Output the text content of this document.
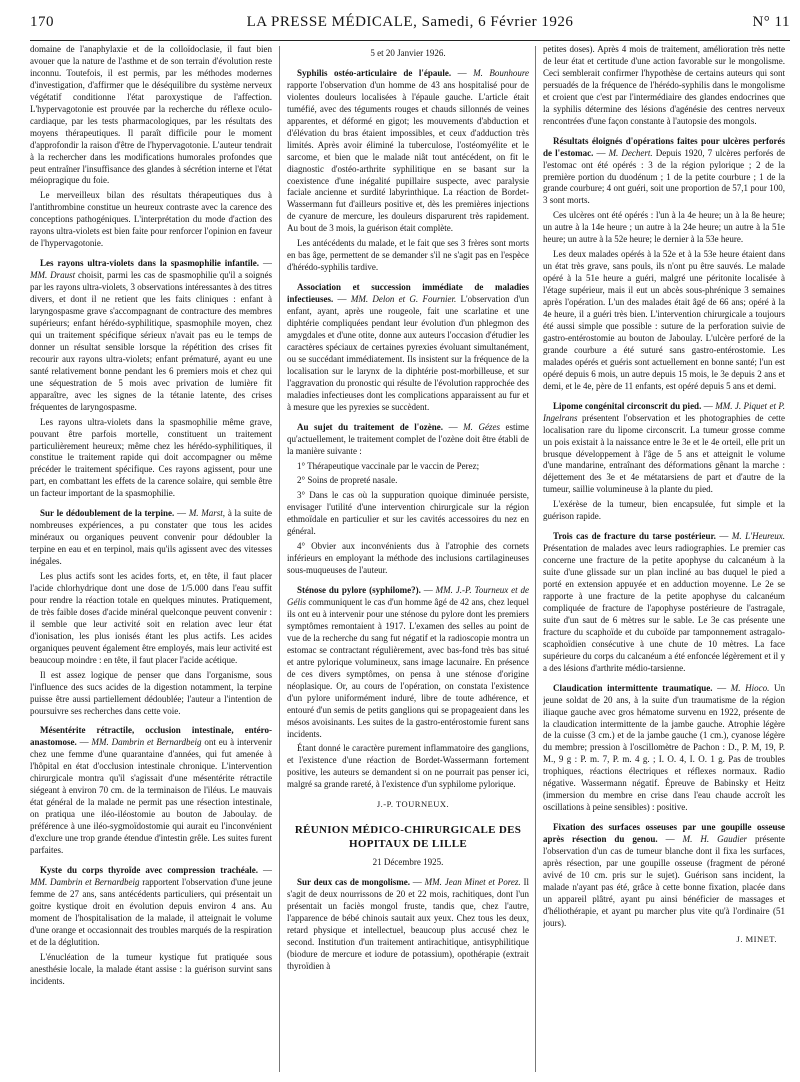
170	LA PRESSE MÉDICALE, Samedi, 6 Février 1926	N° 11

domaine de l'anaphylaxie et de la colloïdoclasie, il faut bien avouer que la nature de l'asthme et de son terrain d'évolution reste inconnu. Toutefois, il est permis, par les méthodes modernes d'investigation, d'affirmer que le déséquilibre du système nerveux végétatif conditionne l'état paroxystique de l'affection. L'hypervagotonie est prouvée par la recherche du réflexe oculo-cardiaque, par les tests pharmacologiques, par les résultats des moyens thérapeutiques. Il paraît difficile pour le moment d'approfondir la raison d'être de l'hypervagotonie. L'auteur tendrait à la rechercher dans les modifications humorales profondes que peut entraîner l'insuffisance des glandes à sécrétion interne et l'état méiopragique du foie.

Le merveilleux bilan des résultats thérapeutiques dus à l'antithrombine constitue un heureux contraste avec la carence des conceptions pathogéniques. L'interprétation du mode d'action des rayons ultra-violets est bien faite pour renforcer l'opinion en faveur de l'hypervagotonie.

Les rayons ultra-violets dans la spasmophilie infantile. — MM. Draust choisit, parmi les cas de spasmophilie qu'il a soignés par les rayons ultra-violets, 3 observations intéressantes à des titres divers, et dont il ne retient que les faits cliniques : enfant à laryngospasme grave s'accompagnant de contracture des membres supérieurs; enfant hérédo-syphilitique, spasmophile moyen, chez qui un traitement spécifique sérieux n'avait pas eu le temps de donner un résultat sensible lorsque la répétition des crises fit recourir aux rayons ultra-violets; enfant prématuré, ayant eu une santé relativement bonne pendant les 6 premiers mois et chez qui une séquestration de 5 mois avec privation de lumière fit apparaître, avec les signes de la tétanie latente, des crises fréquentes de laryngospasme.

Les rayons ultra-violets dans la spasmophilie même grave, pouvant être parfois mortelle, constituent un traitement particulièrement heureux; même chez les hérédo-syphilitiques, il constitue le traitement rapide qui doit accompagner ou même précéder le traitement spécifique. Ces rayons agissent, pour une part, en combattant les effets de la carence solaire, qui semble être un facteur important de la spasmophilie.

Sur le dédoublement de la terpine. — M. Marst, à la suite de nombreuses expériences, a pu constater que tous les acides minéraux ou organiques peuvent convenir pour dédoubler la terpine en eau et en terpinol, mais qu'ils agissent avec des vitesses inégales.

Les plus actifs sont les acides forts, et, en tête, il faut placer l'acide chlorhydrique dont une dose de 1/5.000 dans l'eau suffit pour rendre la réaction totale en quelques minutes. Pratiquement, de très faible doses d'acide minéral quelconque peuvent convenir : il semble que leur activité soit en relation avec leur état d'ionisation, les plus ionisés étant les plus actifs. Les acides organiques peuvent également être employés, mais leur activité est beaucoup moindre : en tête, il faut placer l'acide acétique.

Il est assez logique de penser que dans l'organisme, sous l'influence des sucs acides de la digestion notamment, la terpine puisse être aussi partiellement dédoublée; l'auteur a l'intention de poursuivre ses recherches dans cette voie.

Mésentérite rétractile, occlusion intestinale, entéro-anastomose. — MM. Dambrin et Bernardbeig ont eu à intervenir chez une femme d'une quarantaine d'années, qui fut amenée à l'hôpital en état d'occlusion intestinale chronique. L'intervention chirurgicale montra qu'il s'agissait d'une mésentérite rétractile siégeant à environ 70 cm. de la terminaison de l'iléus. Le mauvais état général de la malade ne permit pas une résection intestinale, on pratiqua une iléo-iléostomie au bouton de Jaboulay. de préférence à une iléo-sygmoïdostomie qui aurait eu l'inconvénient d'exclure une trop grande étendue d'intestin grêle. Les suites furent parfaites.

Kyste du corps thyroïde avec compression trachéale. — MM. Dambrin et Bernardbeig rapportent l'observation d'une jeune femme de 27 ans, sans antécédents particuliers, qui présentait un goitre kystique droit en évolution depuis environ 4 ans. Au moment de l'hospitalisation de la malade, il atteignait le volume d'une orange et occasionnait des troubles marqués de la respiration et de la déglutition.

L'énucléation de la tumeur kystique fut pratiquée sous anesthésie locale, la malade étant assise : la guérison survint sans incidents.

5 et 20 Janvier 1926.

Syphilis ostéo-articulaire de l'épaule. — M. Bounhoure rapporte l'observation d'un homme de 43 ans hospitalisé pour de violentes douleurs localisées à l'épaule gauche. L'article était tuméfié, avec des téguments rouges et chauds sillonnés de veines apparentes, et déformé en gigot; les mouvements d'abduction et d'élévation du bras étaient impossibles, et ceux d'adduction très limités. Après avoir éliminé la tuberculose, l'ostéomyélite et le sarcome, et bien que le malade niât tout antécédent, on fit le diagnostic d'ostéo-arthrite syphilitique en se basant sur la coexistence d'une inégalité pupillaire suspecte, avec paralysie faciale ancienne et surdité labyrinthique. La réaction de Bordet-Wassermann fut d'ailleurs positive et, dès les premières injections de cyanure de mercure, les douleurs disparurent très rapidement. Au bout de 3 mois, la guérison était complète.

Les antécédents du malade, et le fait que ses 3 frères sont morts en bas âge, permettent de se demander s'il ne s'agit pas en l'espèce d'hérédo-syphilis tardive.

Association et succession immédiate de maladies infectieuses. — MM. Delon et G. Fournier. L'observation d'un enfant, ayant, après une rougeole, fait une scarlatine et une diphtérie compliquées pendant leur évolution d'un phlegmon des amygdales et d'une otite, donne aux auteurs l'occasion d'étudier les caractères spéciaux de certaines pyrexies évoluant simultanément, ou se succédant immédiatement. Ils insistent sur la fréquence de la localisation sur le larynx de la diphtérie post-morbilleuse, et sur l'aggravation du pronostic qui résulte de l'évolution rapprochée des maladies infectieuses dont les complications apparaissent au fur et à mesure que les pyrexies se succèdent.

Au sujet du traitement de l'ozène. — M. Gézes estime qu'actuellement, le traitement complet de l'ozène doit être établi de la manière suivante :

1° Thérapeutique vaccinale par le vaccin de Perez;

2° Soins de propreté nasale.

3° Dans le cas où la suppuration quoique diminuée persiste, envisager l'utilité d'une intervention chirurgicale sur la région ethmoïdale en particulier et sur les cavités accessoires du nez en général.

4° Obvier aux inconvénients dus à l'atrophie des cornets inférieurs en employant la méthode des inclusions cartilagineuses sous-muqueuses de l'auteur.

Sténose du pylore (syphilome?). — MM. J.-P. Tourneux et de Gélis communiquent le cas d'un homme âgé de 42 ans, chez lequel ils ont eu à intervenir pour une sténose du pylore dont les premiers symptômes remontaient à 1917. L'examen des selles au point de vue de la recherche du sang fut négatif et la radioscopie montra un estomac se contractant régulièrement, avec bas-fond très bas situé et antre pylorique volumineux, sans image lacunaire. En présence de ces divers symptômes, on pensa à une sténose d'origine néoplasique. Or, au cours de l'opération, on constata l'existence d'un pylore uniformément induré, libre de toute adhérence, et entouré d'un semis de petits ganglions qui se propageaient dans les mésos avoisinants. Les suites de la gastro-entérostomie furent sans incidents.

Étant donné le caractère purement inflammatoire des ganglions, et l'existence d'une réaction de Bordet-Wassermann fortement positive, les auteurs se demandent si on ne pourrait pas penser ici, malgré sa grande rareté, à l'existence d'un syphilome pylorique.

J.-P. TOURNEUX.

RÉUNION MÉDICO-CHIRURGICALE DES HOPITAUX DE LILLE

21 Décembre 1925.

Sur deux cas de mongolisme. — MM. Jean Minet et Porez. Il s'agit de deux nourrissons de 20 et 22 mois, rachitiques, dont l'un présentait un faciès mongol fruste, tandis que, chez l'autre, l'apparence de bébé chinois sautait aux yeux. Chez tous les deux, retard physique et intellectuel, beaucoup plus accusé chez le second. Institution d'un traitement antirachitique, antisyphilitique (biodure de mercure et iodure de potassium), opothérapie (extrait thyroïdien à

petites doses). Après 4 mois de traitement, amélioration très nette de leur état et certitude d'une action favorable sur le mongolisme. Ceci semblerait confirmer l'hypothèse de certains auteurs qui sont persuadés de la fréquence de l'hérédo-syphilis dans le mongolisme et croient que c'est par l'intermédiaire des glandes endocrines que la syphilis détermine des lésions d'agénésie des centres nerveux rencontrées d'une façon constante à l'autopsie des mongols.

Résultats éloignés d'opérations faites pour ulcères perforés de l'estomac. — M. Dechert. Depuis 1920, 7 ulcères perforés de l'estomac ont été opérés : 3 de la région pylorique ; 2 de la première portion du duodénum ; 1 de la petite courbure ; 1 de la grande courbure; 4 ont guéri, soit une proportion de 57,1 pour 100, 3 sont morts.

Ces ulcères ont été opérés : l'un à la 4e heure; un à la 8e heure; un autre à la 14e heure ; un autre à la 24e heure; un autre à la 51e heure; un autre à la 52e heure; le dernier à la 53e heure.

Les deux malades opérés à la 52e et à la 53e heure étaient dans un état très grave, sans pouls, ils n'ont pu être sauvés. Le malade opéré à la 51e heure a guéri, malgré une péritonite localisée à l'étage supérieur, mais il eut un abcès sous-phrénique 3 semaines après l'opération. L'un des malades était âgé de 66 ans; opéré à la 4e heure, il a guéri très bien. L'intervention chirurgicale a toujours été aussi simple que possible : suture de la perforation suivie de gastro-entérostomie au bouton de Jaboulay. L'ulcère perforé de la grande courbure a été suturé sans gastro-entérostomie. Les malades opérés et guéris sont actuellement en bonne santé; l'un est opéré depuis 6 mois, un autre depuis 15 mois, le 3e depuis 2 ans et demi, et le 4e, père de 11 enfants, est opéré depuis 5 ans et demi.

Lipome congénital circonscrit du pied. — MM. J. Piquet et P. Ingelrans présentent l'observation et les photographies de cette localisation rare du lipome circonscrit. La tumeur grosse comme un pois existait à la naissance entre le 3e et le 4e orteil, elle prit un brusque développement à l'âge de 5 ans et atteignit le volume d'une mandarine, entraînant des déformations gênant la marche : déjettement des 3e et 4e métatarsiens de part et d'autre de la tumeur, saillie volumineuse à la plante du pied.

L'exérèse de la tumeur, bien encapsulée, fut simple et la guérison rapide.

Trois cas de fracture du tarse postérieur. — M. L'Heureux. Présentation de malades avec leurs radiographies. Le premier cas concerne une fracture de la petite apophyse du calcanéum à la suite d'une glissade sur un plan incliné au bas duquel le pied a porté en extension appuyée et en adduction moyenne. Le 2e se rapporte à une fracture de la petite apophyse du calcanéum compliquée de fracture de l'apophyse postérieure de l'astragale, suite d'un saut de 6 mètres sur le sable. Le 3e cas présente une fracture du scaphoïde et du cuboïde par tamponnement astragalo-scaphoïdien consécutive à une chute de 10 mètres. La face supérieure du corps du calcanéum a été enfoncée légèrement et il y a des lésions d'arthrite médio-tarsienne.

Claudication intermittente traumatique. — M. Hioco. Un jeune soldat de 20 ans, à la suite d'un traumatisme de la région iliaque gauche avec gros hématome survenu en 1922, présente de la claudication intermittente de la jambe gauche. Atrophie légère de la cuisse (3 cm.) et de la jambe gauche (1 cm.), cyanose légère du membre; pression à l'oscillomètre de Pachon : D., P. M, 19, P. M., 9 g : P. m. 7, P. m. 4 g. ; I. O. 4, I. O. 1 g. Pas de troubles trophiques, réactions électriques et réflexes normaux. Radio négative. Wassermann négatif. Épreuve de Babinsky et Heitz (immersion du membre en crise dans l'eau chaude accroît les oscillations à peine sensibles) : positive.

Fixation des surfaces osseuses par une goupille osseuse après résection du genou. — M. H. Gaudier présente l'observation d'un cas de tumeur blanche dont il fixa les surfaces, après résection, par une goupille osseuse (fragment de péroné avivé de 10 cm. pris sur le sujet). Guérison sans incident, la malade n'ayant pas été, grâce à cette bonne fixation, placée dans un appareil plâtré, ayant pu ainsi bénéficier de massages et d'héliothérapie, et ayant pu marcher plus vite qu'à l'ordinaire (51 jours).

J. MINET.
